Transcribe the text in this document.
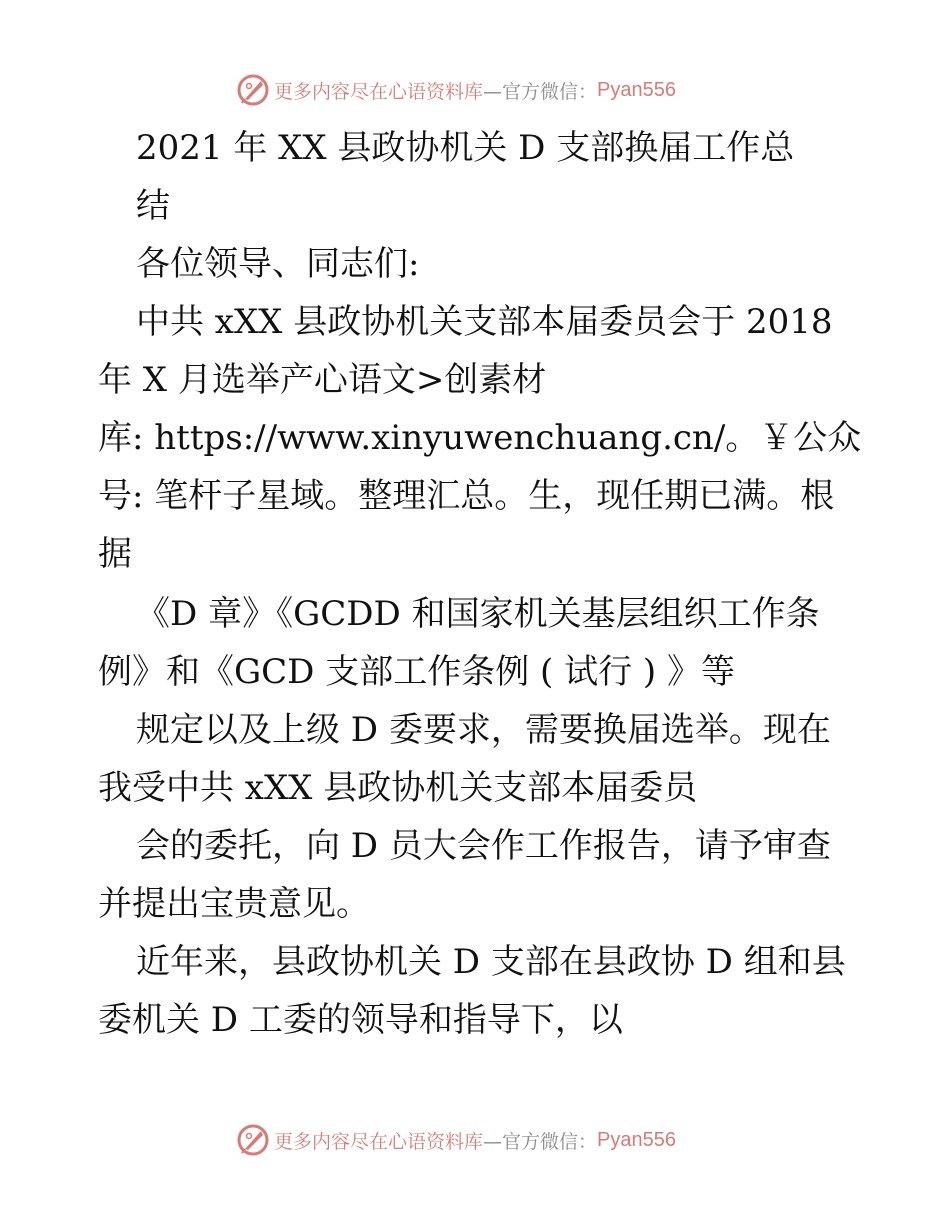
更多内容尽在心语资料库 —官方微信： Pyan556
2021 年 XX 县政协机关 D 支部换届工作总
结
各位领导、同志们:
中共 xXX 县政协机关支部本届委员会于 2018
年 X 月选举产心语文>创素材
库: https://www.xinyuwenchuang.cn/。￥公众
号: 笔杆子星域。整理汇总。生，现任期已满。根
据
《D 章》《GCDD 和国家机关基层组织工作条
例》和《GCD 支部工作条例 ( 试行 ) 》等
规定以及上级 D 委要求，需要换届选举。现在
我受中共 xXX 县政协机关支部本届委员
会的委托，向 D 员大会作工作报告，请予审查
并提出宝贵意见。
近年来，县政协机关 D 支部在县政协 D 组和县
委机关 D 工委的领导和指导下，以
更多内容尽在心语资料库 —官方微信： Pyan556
